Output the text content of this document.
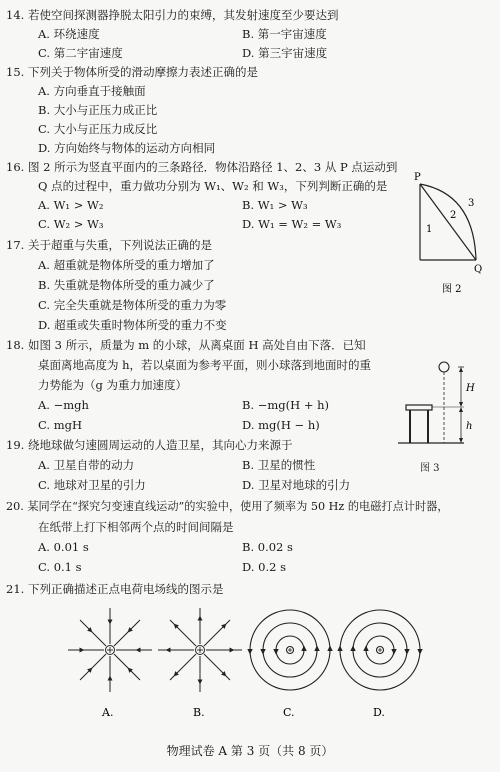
14. 若使空间探测器挣脱太阳引力的束缚，其发射速度至少要达到
A. 环绕速度	B. 第一宇宙速度
C. 第二宇宙速度	D. 第三宇宙速度
15. 下列关于物体所受的滑动摩擦力表述正确的是
A. 方向垂直于接触面
B. 大小与正压力成正比
C. 大小与正压力成反比
D. 方向始终与物体的运动方向相同
16. 图 2 所示为竖直平面内的三条路径．物体沿路径 1、2、3 从 P 点运动到
Q 点的过程中，重力做功分别为 W₁、W₂ 和 W₃，下列判断正确的是
A. W₁ > W₂	B. W₁ > W₃
C. W₂ > W₃	D. W₁ = W₂ = W₃
P
Q
1
2
3
图 2
17. 关于超重与失重，下列说法正确的是
A. 超重就是物体所受的重力增加了
B. 失重就是物体所受的重力减少了
C. 完全失重就是物体所受的重力为零
D. 超重或失重时物体所受的重力不变
18. 如图 3 所示，质量为 m 的小球，从离桌面 H 高处自由下落．已知
桌面离地高度为 h，若以桌面为参考平面，则小球落到地面时的重
力势能为（g 为重力加速度）
A. −mgh	B. −mg(H + h)
C. mgH	D. mg(H − h)
H
h
图 3
19. 绕地球做匀速圆周运动的人造卫星，其向心力来源于
A. 卫星自带的动力	B. 卫星的惯性
C. 地球对卫星的引力	D. 卫星对地球的引力
20. 某同学在“探究匀变速直线运动”的实验中，使用了频率为 50 Hz 的电磁打点计时器，
在纸带上打下相邻两个点的时间间隔是
A. 0.01 s	B. 0.02 s
C. 0.1 s	D. 0.2 s
21. 下列正确描述正点电荷电场线的图示是
A.	B.	C.	D.
物理试卷 A 第 3 页（共 8 页）
